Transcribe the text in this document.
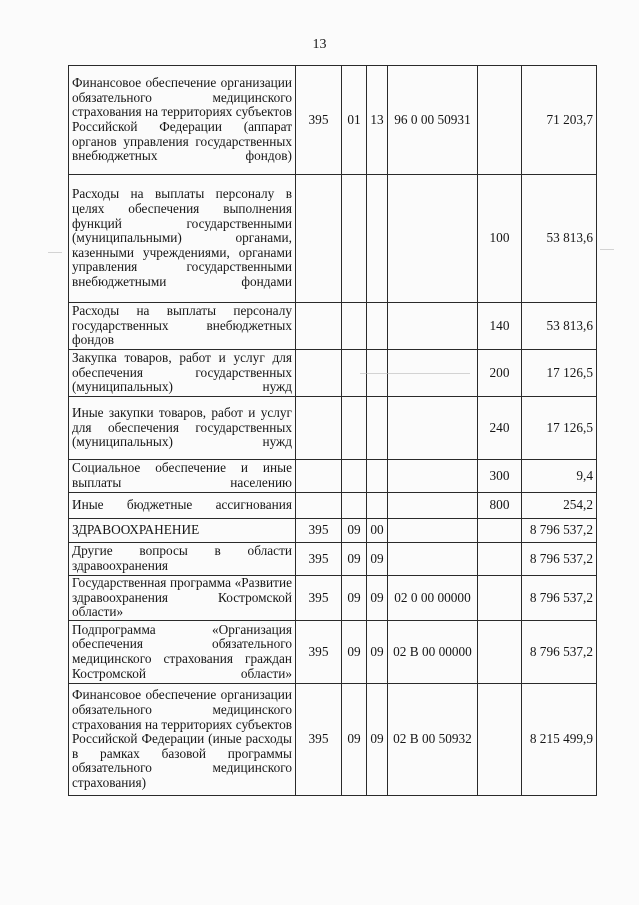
13
Финансовое обеспечение организации обязательного медицинского страхования на территориях субъектов Российской Федерации (аппарат органов управления государственных внебюджетных фондов)	395	01	13	96 0 00 50931		71 203,7
Расходы на выплаты персоналу в целях обеспечения выполнения функций государственными (муниципальными) органами, казенными учреждениями, органами управления государственными внебюджетными фондами					100	53 813,6
Расходы на выплаты персоналу государственных внебюджетных фондов					140	53 813,6
Закупка товаров, работ и услуг для обеспечения государственных (муниципальных) нужд					200	17 126,5
Иные закупки товаров, работ и услуг для обеспечения государственных (муниципальных) нужд					240	17 126,5
Социальное обеспечение и иные выплаты населению					300	9,4
Иные бюджетные ассигнования					800	254,2
ЗДРАВООХРАНЕНИЕ	395	09	00			8 796 537,2
Другие вопросы в области здравоохранения	395	09	09			8 796 537,2
Государственная программа «Развитие здравоохранения Костромской области»	395	09	09	02 0 00 00000		8 796 537,2
Подпрограмма «Организация обеспечения обязательного медицинского страхования граждан Костромской области»	395	09	09	02 В 00 00000		8 796 537,2
Финансовое обеспечение организации обязательного медицинского страхования на территориях субъектов Российской Федерации (иные расходы в рамках базовой программы обязательного медицинского страхования)	395	09	09	02 В 00 50932		8 215 499,9
